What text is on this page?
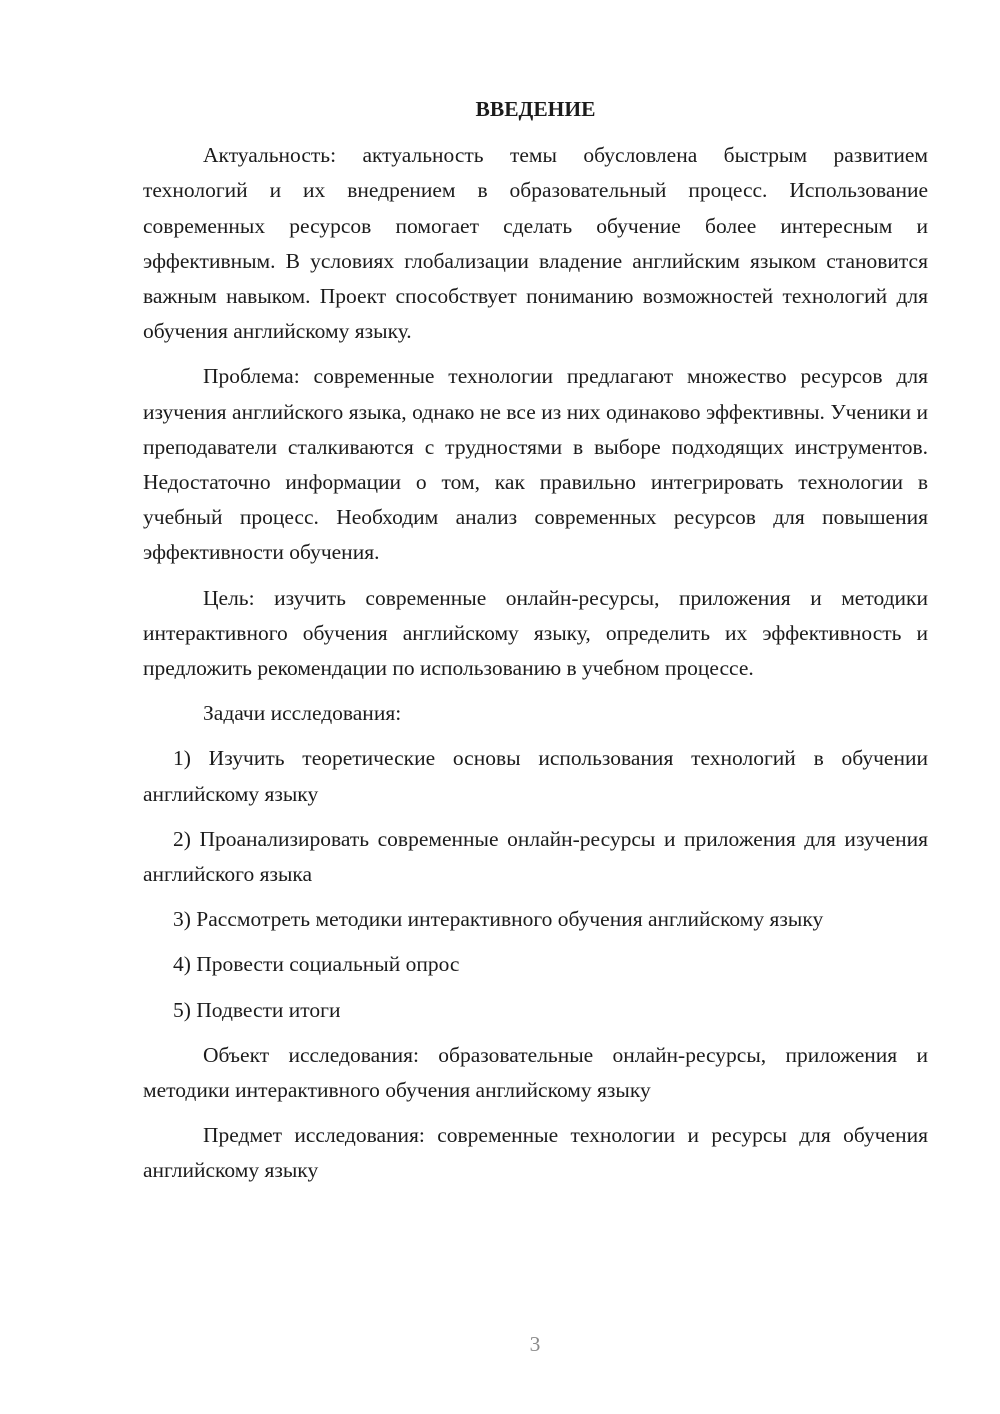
ВВЕДЕНИЕ

Актуальность: актуальность темы обусловлена быстрым развитием технологий и их внедрением в образовательный процесс. Использование современных ресурсов помогает сделать обучение более интересным и эффективным. В условиях глобализации владение английским языком становится важным навыком. Проект способствует пониманию возможностей технологий для обучения английскому языку.

Проблема: современные технологии предлагают множество ресурсов для изучения английского языка, однако не все из них одинаково эффективны. Ученики и преподаватели сталкиваются с трудностями в выборе подходящих инструментов. Недостаточно информации о том, как правильно интегрировать технологии в учебный процесс. Необходим анализ современных ресурсов для повышения эффективности обучения.

Цель: изучить современные онлайн-ресурсы, приложения и методики интерактивного обучения английскому языку, определить их эффективность и предложить рекомендации по использованию в учебном процессе.

Задачи исследования:

1) Изучить теоретические основы использования технологий в обучении английскому языку

2) Проанализировать современные онлайн-ресурсы и приложения для изучения английского языка

3) Рассмотреть методики интерактивного обучения английскому языку

4) Провести социальный опрос

5) Подвести итоги

Объект исследования: образовательные онлайн-ресурсы, приложения и методики интерактивного обучения английскому языку

Предмет исследования: современные технологии и ресурсы для обучения английскому языку

3
